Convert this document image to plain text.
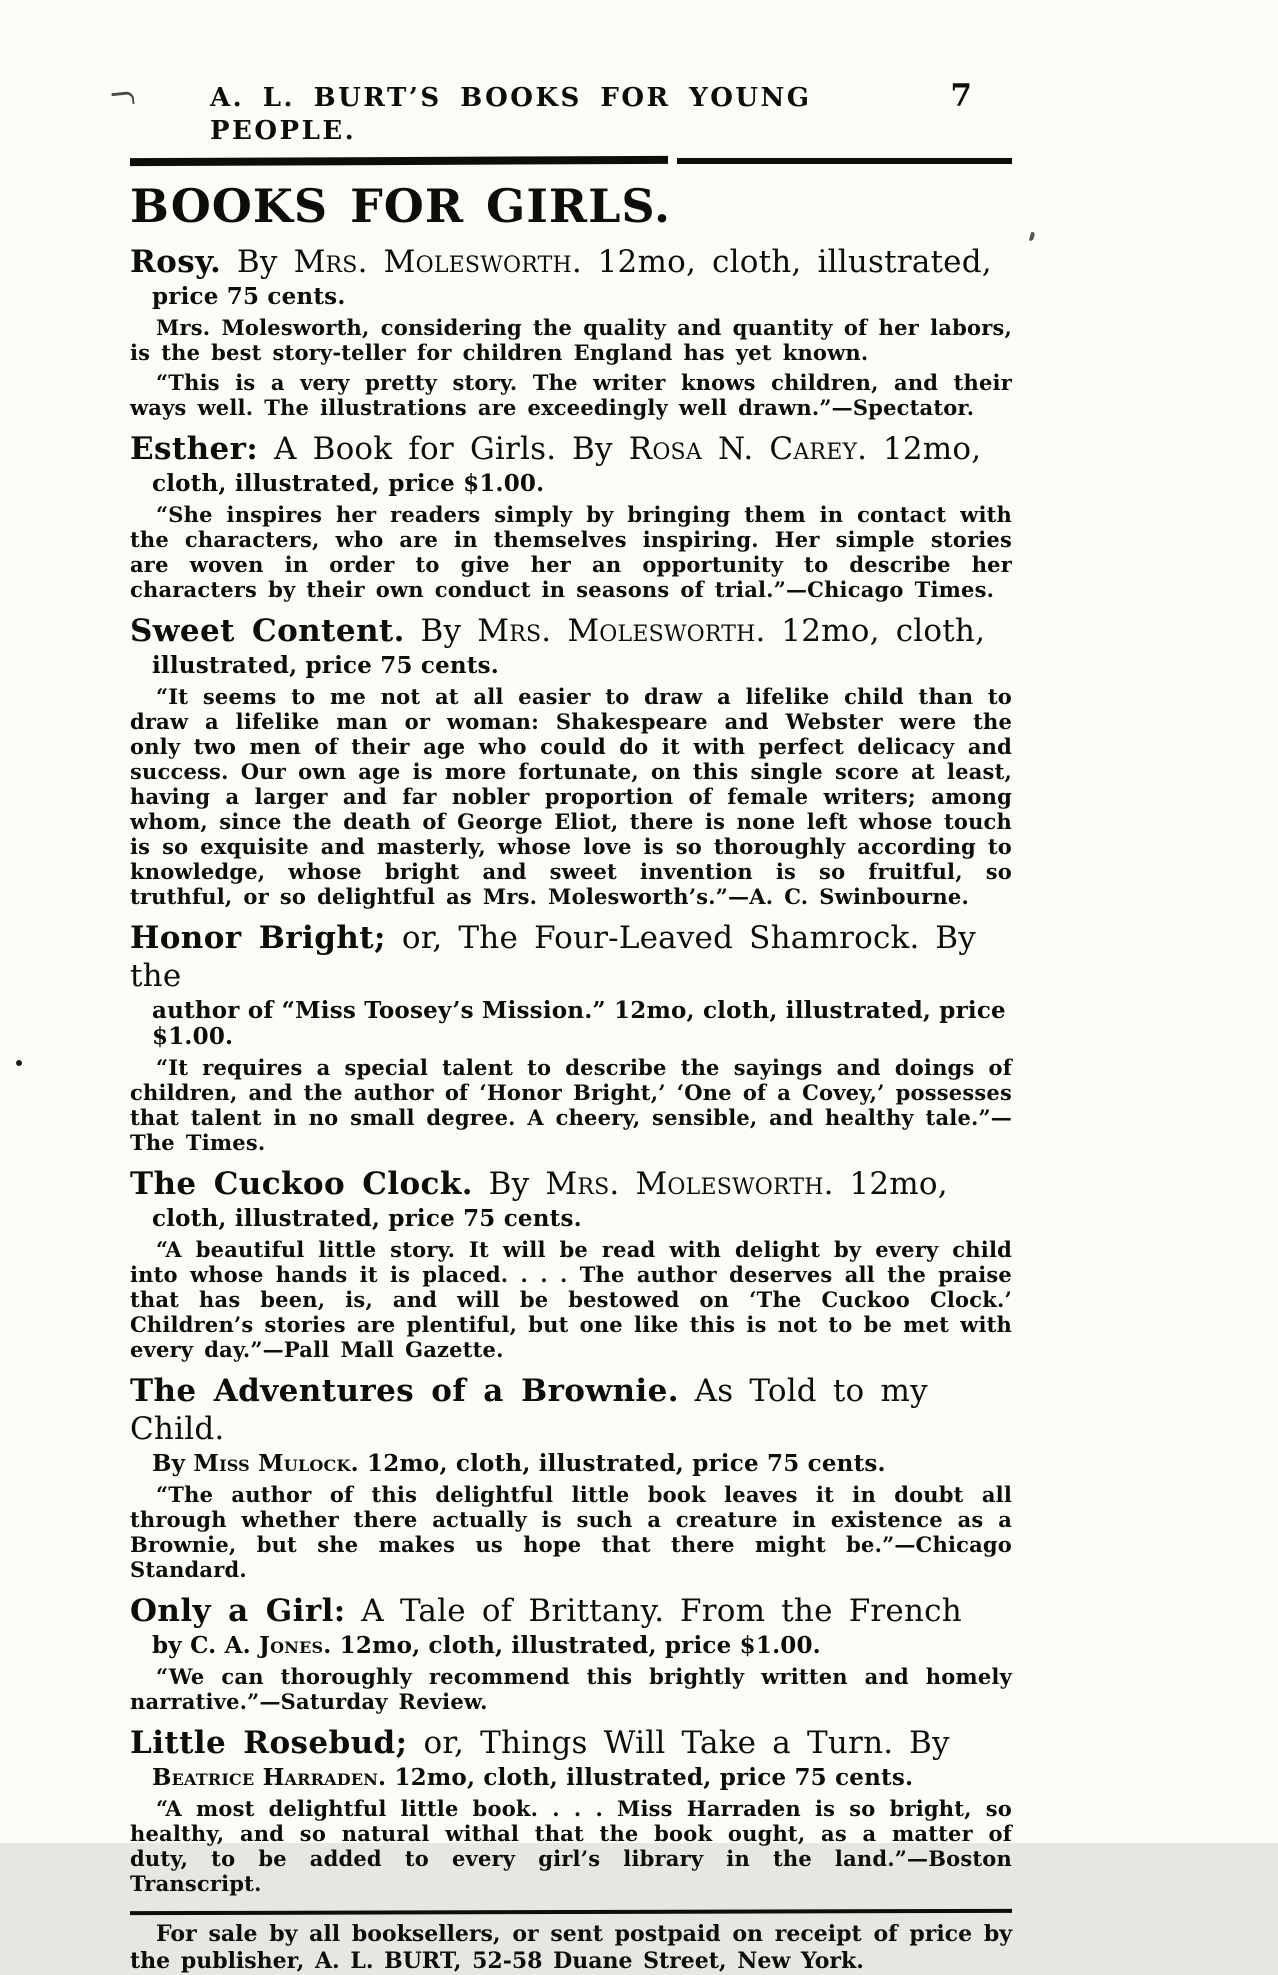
A. L. BURT’S BOOKS FOR YOUNG PEOPLE.
7
BOOKS FOR GIRLS.
Rosy. By Mrs. Molesworth. 12mo, cloth, illustrated,

price 75 cents.

Mrs. Molesworth, considering the quality and quantity of her labors, is the best story-teller for children England has yet known.

“This is a very pretty story. The writer knows children, and their ways well. The illustrations are exceedingly well drawn.”—Spectator.

Esther: A Book for Girls. By Rosa N. Carey. 12mo,

cloth, illustrated, price $1.00.

“She inspires her readers simply by bringing them in contact with the characters, who are in themselves inspiring. Her simple stories are woven in order to give her an opportunity to describe her characters by their own conduct in seasons of trial.”—Chicago Times.

Sweet Content. By Mrs. Molesworth. 12mo, cloth,

illustrated, price 75 cents.

“It seems to me not at all easier to draw a lifelike child than to draw a lifelike man or woman: Shakespeare and Webster were the only two men of their age who could do it with perfect delicacy and success. Our own age is more fortunate, on this single score at least, having a larger and far nobler proportion of female writers; among whom, since the death of George Eliot, there is none left whose touch is so exquisite and masterly, whose love is so thoroughly according to knowledge, whose bright and sweet invention is so fruitful, so truthful, or so delightful as Mrs. Molesworth’s.”—A. C. Swinbourne.

Honor Bright; or, The Four-Leaved Shamrock. By the

author of “Miss Toosey’s Mission.” 12mo, cloth, illustrated, price $1.00.

“It requires a special talent to describe the sayings and doings of children, and the author of ‘Honor Bright,’ ‘One of a Covey,’ possesses that talent in no small degree. A cheery, sensible, and healthy tale.”—The Times.

The Cuckoo Clock. By Mrs. Molesworth. 12mo,

cloth, illustrated, price 75 cents.

“A beautiful little story. It will be read with delight by every child into whose hands it is placed. . . . The author deserves all the praise that has been, is, and will be bestowed on ‘The Cuckoo Clock.’ Children’s stories are plentiful, but one like this is not to be met with every day.”—Pall Mall Gazette.

The Adventures of a Brownie. As Told to my Child.

By Miss Mulock. 12mo, cloth, illustrated, price 75 cents.

“The author of this delightful little book leaves it in doubt all through whether there actually is such a creature in existence as a Brownie, but she makes us hope that there might be.”—Chicago Standard.

Only a Girl: A Tale of Brittany. From the French

by C. A. Jones. 12mo, cloth, illustrated, price $1.00.

“We can thoroughly recommend this brightly written and homely narrative.”—Saturday Review.

Little Rosebud; or, Things Will Take a Turn. By

Beatrice Harraden. 12mo, cloth, illustrated, price 75 cents.

“A most delightful little book. . . . Miss Harraden is so bright, so healthy, and so natural withal that the book ought, as a matter of duty, to be added to every girl’s library in the land.”—Boston Transcript.

For sale by all booksellers, or sent postpaid on receipt of price by the publisher, A. L. BURT, 52-58 Duane Street, New York.
